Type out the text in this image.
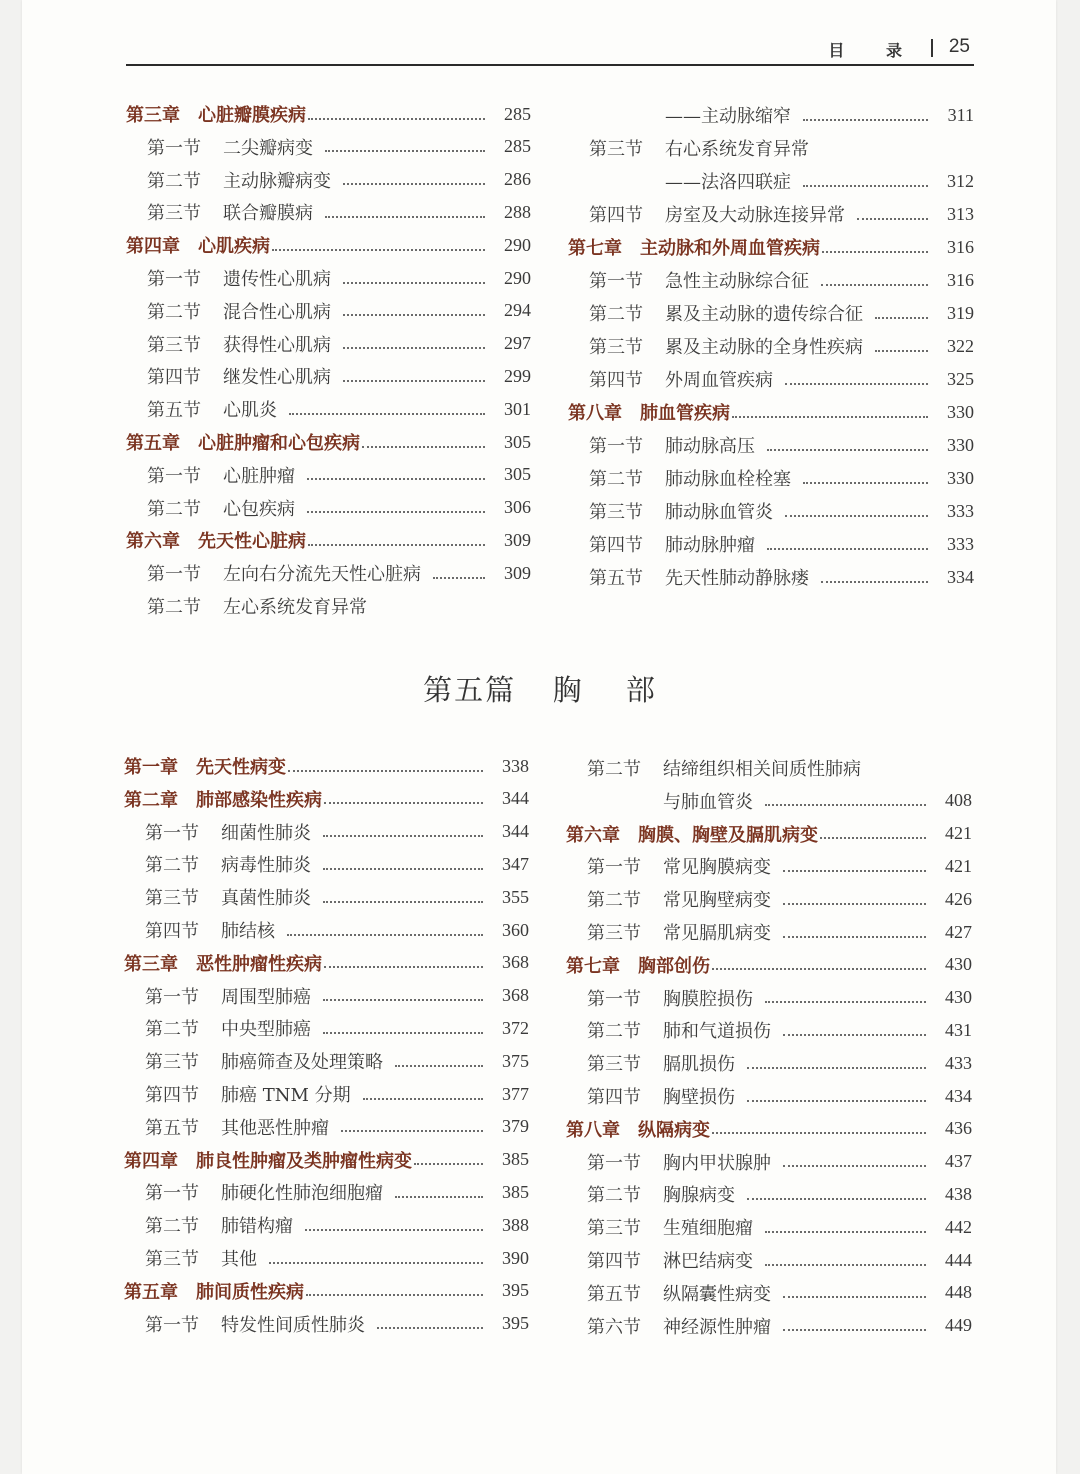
目 录 25
第三章　心脏瓣膜疾病	285
第一节	二尖瓣病变	285
第二节	主动脉瓣病变	286
第三节	联合瓣膜病	288
第四章　心肌疾病	290
第一节	遗传性心肌病	290
第二节	混合性心肌病	294
第三节	获得性心肌病	297
第四节	继发性心肌病	299
第五节	心肌炎	301
第五章　心脏肿瘤和心包疾病	305
第一节	心脏肿瘤	305
第二节	心包疾病	306
第六章　先天性心脏病	309
第一节	左向右分流先天性心脏病	309
第二节	左心系统发育异常
——主动脉缩窄	311
第三节	右心系统发育异常
——法洛四联症	312
第四节	房室及大动脉连接异常	313
第七章　主动脉和外周血管疾病	316
第一节	急性主动脉综合征	316
第二节	累及主动脉的遗传综合征	319
第三节	累及主动脉的全身性疾病	322
第四节	外周血管疾病	325
第八章　肺血管疾病	330
第一节	肺动脉高压	330
第二节	肺动脉血栓栓塞	330
第三节	肺动脉血管炎	333
第四节	肺动脉肿瘤	333
第五节	先天性肺动静脉瘘	334
第五篇 胸　 部
第一章　先天性病变	338
第二章　肺部感染性疾病	344
第一节	细菌性肺炎	344
第二节	病毒性肺炎	347
第三节	真菌性肺炎	355
第四节	肺结核	360
第三章　恶性肿瘤性疾病	368
第一节	周围型肺癌	368
第二节	中央型肺癌	372
第三节	肺癌筛查及处理策略	375
第四节	肺癌 TNM 分期	377
第五节	其他恶性肿瘤	379
第四章　肺良性肿瘤及类肿瘤性病变	385
第一节	肺硬化性肺泡细胞瘤	385
第二节	肺错构瘤	388
第三节	其他	390
第五章　肺间质性疾病	395
第一节	特发性间质性肺炎	395
第二节	结缔组织相关间质性肺病
与肺血管炎	408
第六章　胸膜、胸壁及膈肌病变	421
第一节	常见胸膜病变	421
第二节	常见胸壁病变	426
第三节	常见膈肌病变	427
第七章　胸部创伤	430
第一节	胸膜腔损伤	430
第二节	肺和气道损伤	431
第三节	膈肌损伤	433
第四节	胸壁损伤	434
第八章　纵隔病变	436
第一节	胸内甲状腺肿	437
第二节	胸腺病变	438
第三节	生殖细胞瘤	442
第四节	淋巴结病变	444
第五节	纵隔囊性病变	448
第六节	神经源性肿瘤	449
